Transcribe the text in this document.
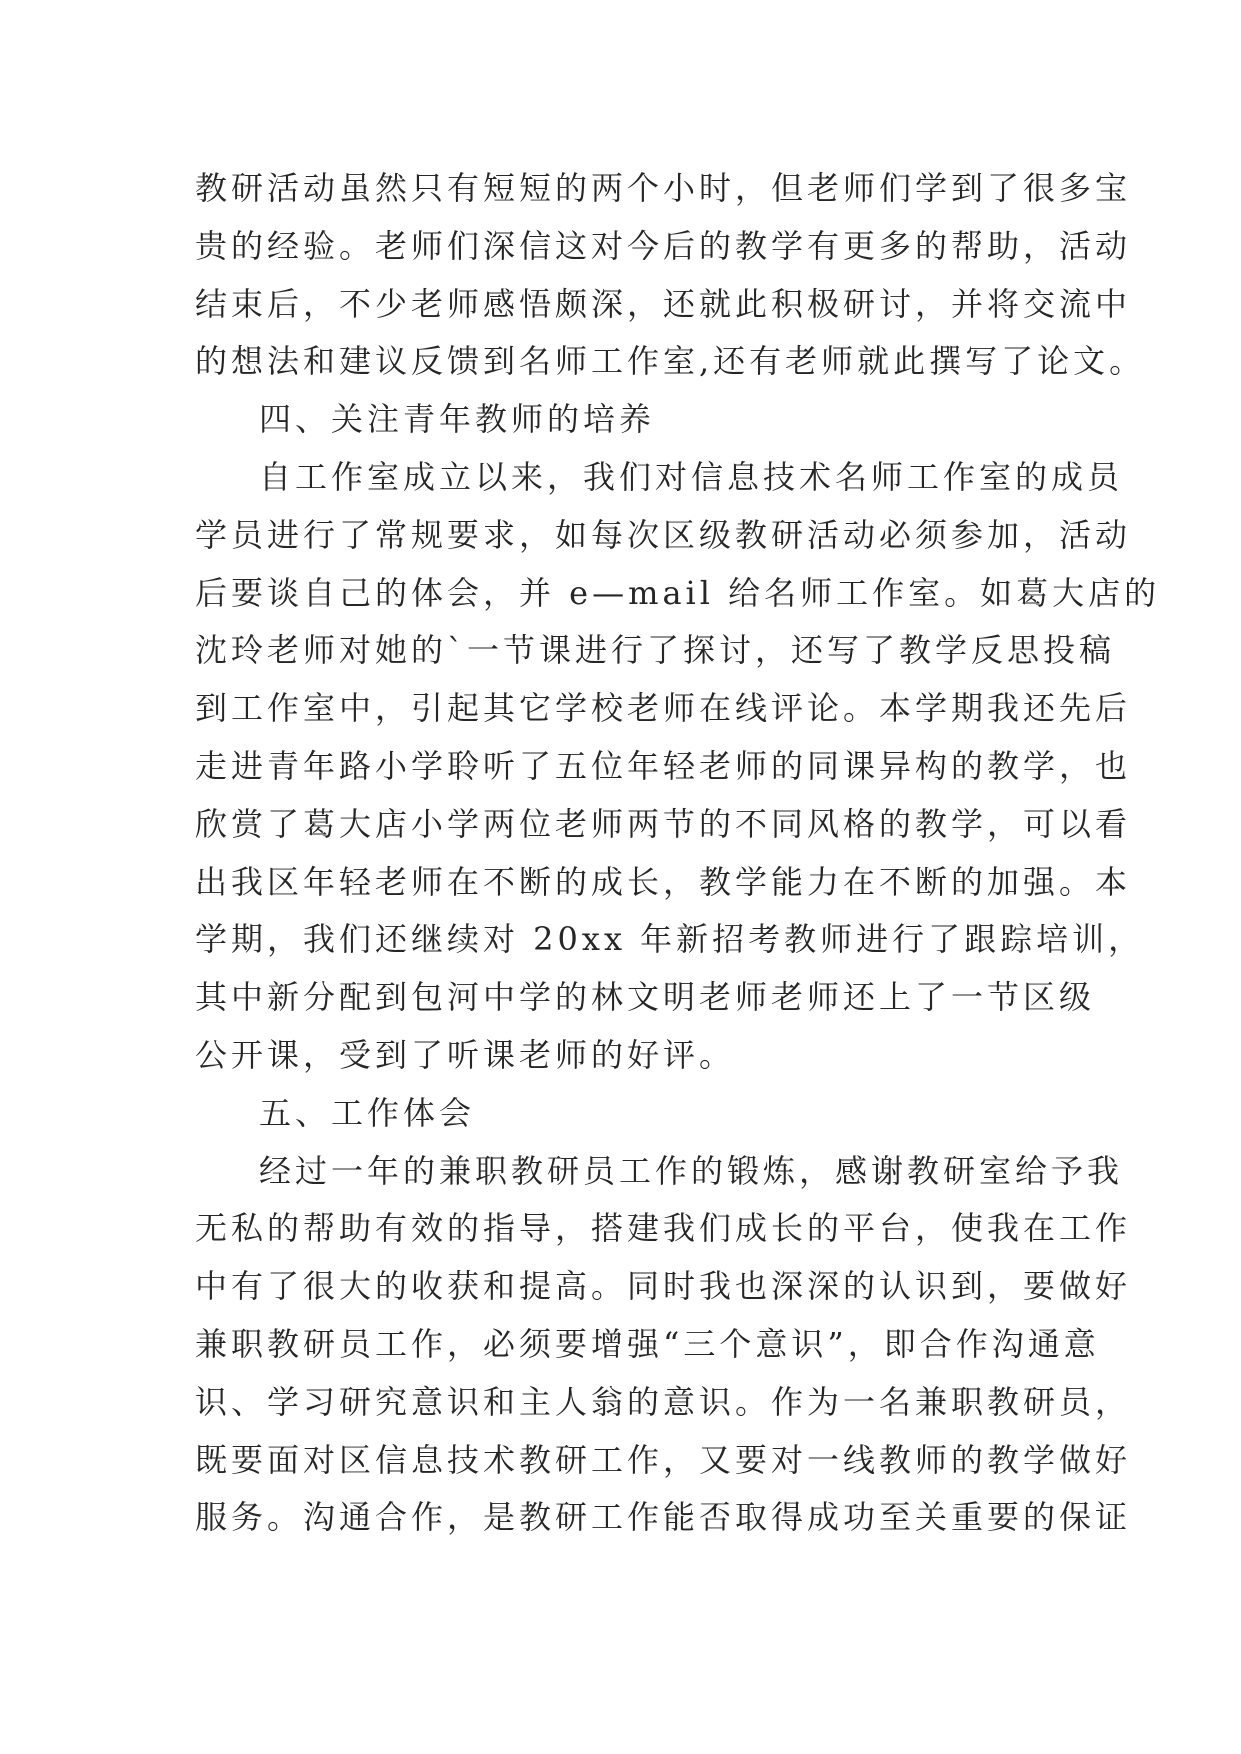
教研活动虽然只有短短的两个小时，但老师们学到了很多宝
贵的经验。老师们深信这对今后的教学有更多的帮助，活动
结束后，不少老师感悟颇深，还就此积极研讨，并将交流中
的想法和建议反馈到名师工作室,还有老师就此撰写了论文。
四、关注青年教师的培养
自工作室成立以来，我们对信息技术名师工作室的成员
学员进行了常规要求，如每次区级教研活动必须参加，活动
后要谈自己的体会，并 e—mail 给名师工作室。如葛大店的
沈玲老师对她的`一节课进行了探讨，还写了教学反思投稿
到工作室中，引起其它学校老师在线评论。本学期我还先后
走进青年路小学聆听了五位年轻老师的同课异构的教学，也
欣赏了葛大店小学两位老师两节的不同风格的教学，可以看
出我区年轻老师在不断的成长，教学能力在不断的加强。本
学期，我们还继续对 20xx 年新招考教师进行了跟踪培训，
其中新分配到包河中学的林文明老师老师还上了一节区级
公开课，受到了听课老师的好评。
五、工作体会
经过一年的兼职教研员工作的锻炼，感谢教研室给予我
无私的帮助有效的指导，搭建我们成长的平台，使我在工作
中有了很大的收获和提高。同时我也深深的认识到，要做好
兼职教研员工作，必须要增强“三个意识”，即合作沟通意
识、学习研究意识和主人翁的意识。作为一名兼职教研员，
既要面对区信息技术教研工作，又要对一线教师的教学做好
服务。沟通合作，是教研工作能否取得成功至关重要的保证
